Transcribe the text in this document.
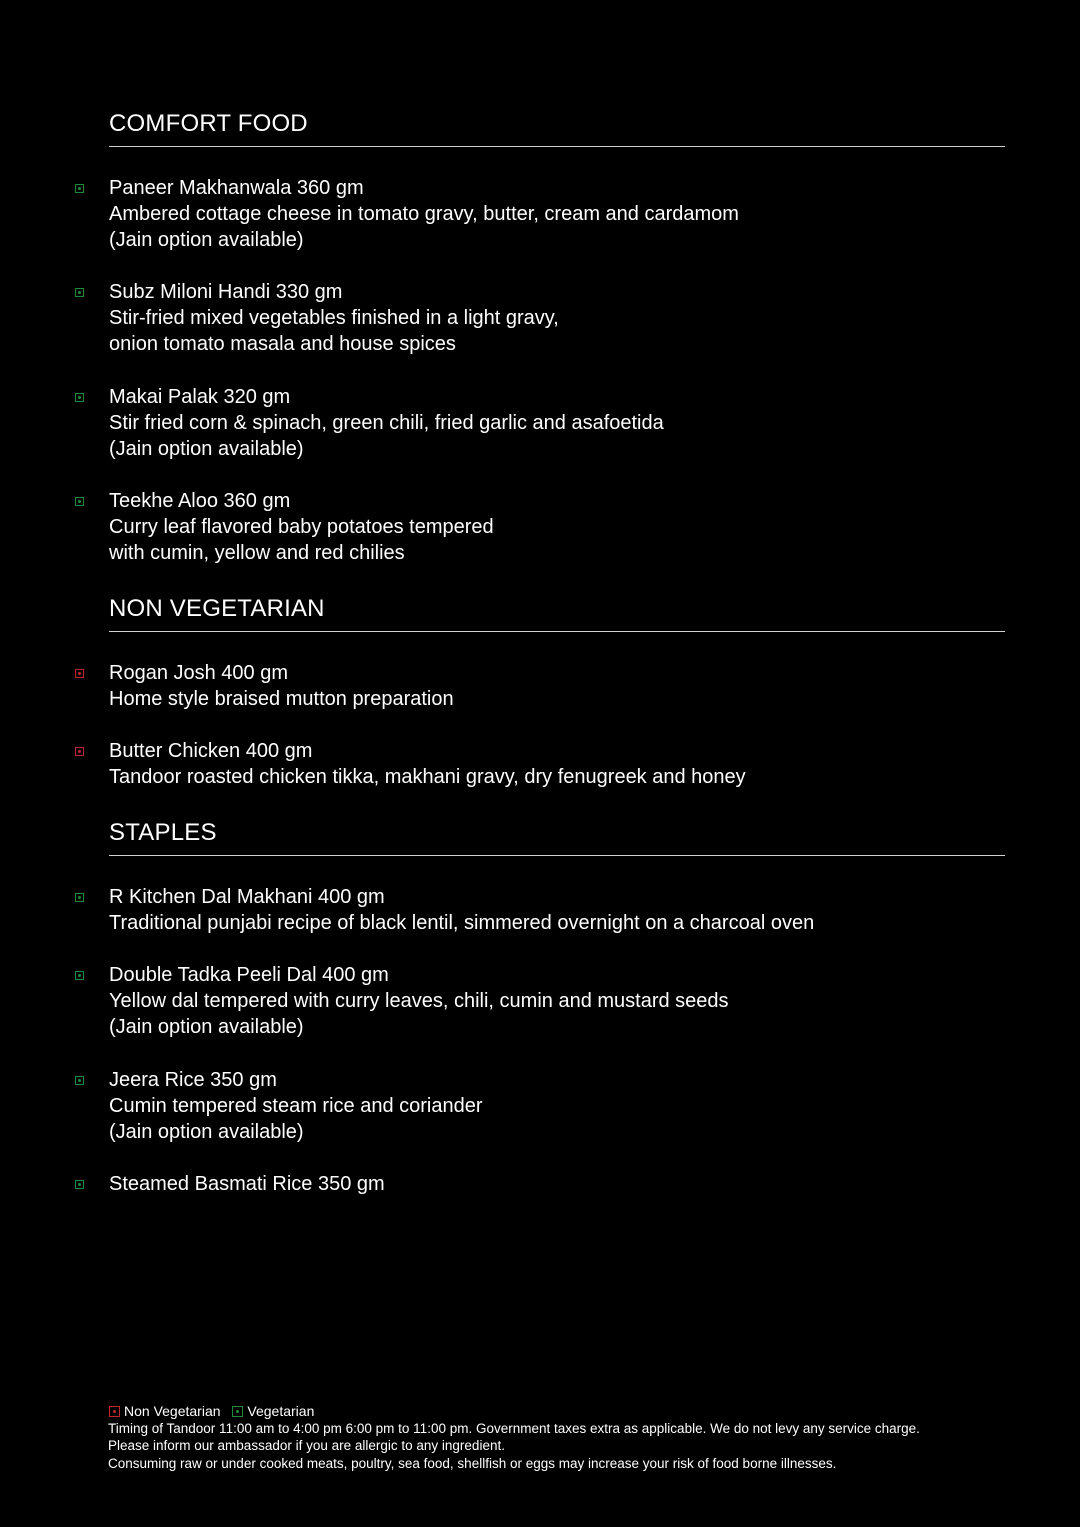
COMFORT FOOD
Paneer Makhanwala 360 gm
Ambered cottage cheese in tomato gravy, butter, cream and cardamom
(Jain option available)
Subz Miloni Handi 330 gm
Stir-fried mixed vegetables finished in a light gravy,
onion tomato masala and house spices
Makai Palak 320 gm
Stir fried corn & spinach, green chili, fried garlic and asafoetida
(Jain option available)
Teekhe Aloo 360 gm
Curry leaf flavored baby potatoes tempered
with cumin, yellow and red chilies
NON VEGETARIAN
Rogan Josh 400 gm
Home style braised mutton preparation
Butter Chicken 400 gm
Tandoor roasted chicken tikka, makhani gravy, dry fenugreek and honey
STAPLES
R Kitchen Dal Makhani 400 gm
Traditional punjabi recipe of black lentil, simmered overnight on a charcoal oven
Double Tadka Peeli Dal 400 gm
Yellow dal tempered with curry leaves, chili, cumin and mustard seeds
(Jain option available)
Jeera Rice 350 gm
Cumin tempered steam rice and coriander
(Jain option available)
Steamed Basmati Rice 350 gm
Non Vegetarian Vegetarian
Timing of Tandoor 11:00 am to 4:00 pm 6:00 pm to 11:00 pm. Government taxes extra as applicable. We do not levy any service charge.
Please inform our ambassador if you are allergic to any ingredient.
Consuming raw or under cooked meats, poultry, sea food, shellfish or eggs may increase your risk of food borne illnesses.
